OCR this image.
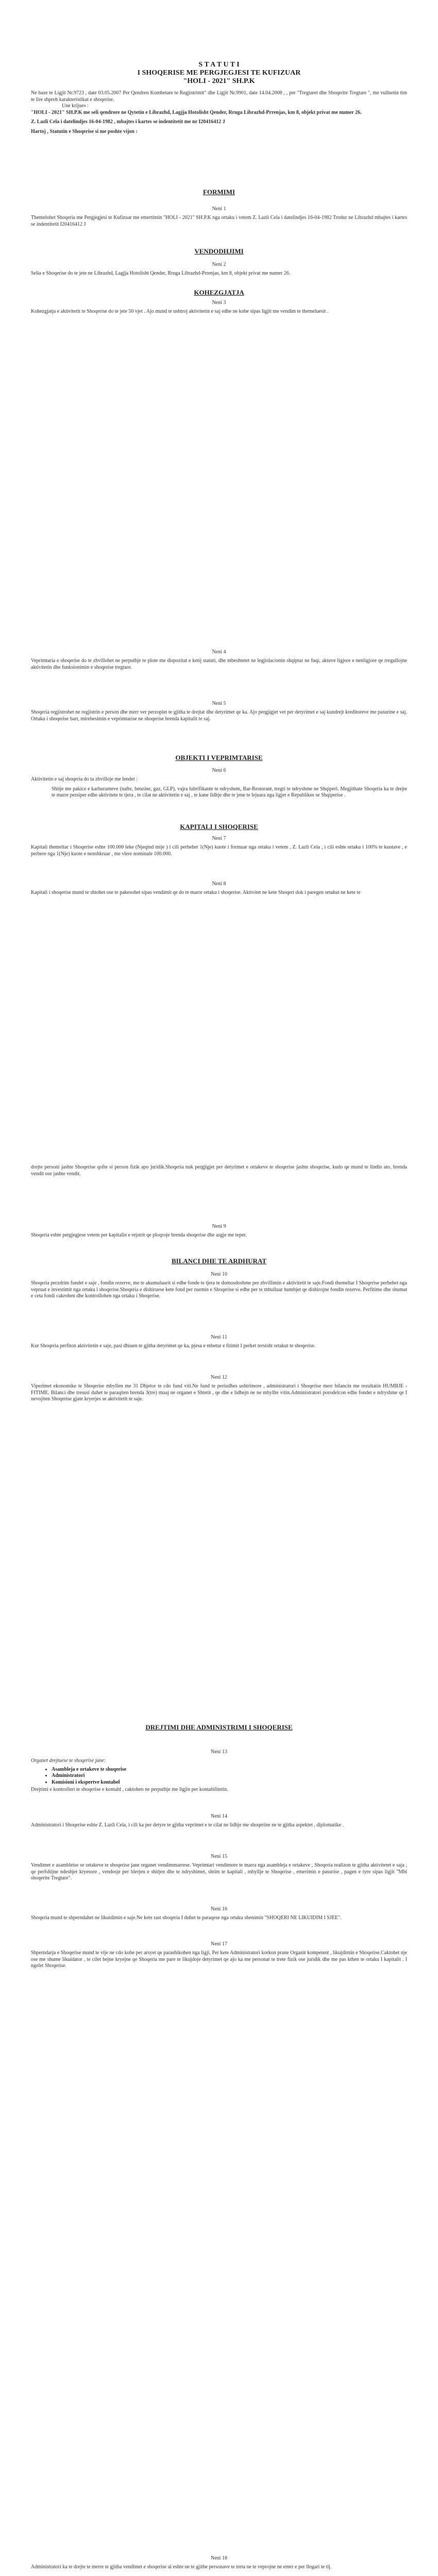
S T A T U T I
I SHOQERISE ME PERGJEGJESI TE KUFIZUAR
"HOLI - 2021" SH.P.K
Ne baze te Ligjit Nr.9723 , date 03.05.2007 Per Qendren Kombetare te Regjistrimit" dhe Ligjit Nr.9901, date 14.04.2008 , , per "Tregtaret dhe Shoqerite Tregtare ", me vullnetin tim te lire shpreh karakteristikat e shoqerise.
Une krijues :
"HOLI - 2021" SH.P.K me seli qendrore ne Qytetin e Librazhd, Lagjja Hotolisht Qender, Rruga Librazhd-Prrenjas, km 8, objekt privat me numer 26.
Z. Lazli Cela i datelindjes 16-04-1982 , mbajtes i kartes se indentitetit me nr I20416412 J
Hartoj , Statutin e Shoqerise si me poshte vijon :
FORMIMI
Neni 1
Themelohet Shoqeria me Pergjegjesi te Kufizuar me emertimin "HOLI - 2021" SH.P.K nga ortaku i vetem Z. Lazli Cela i datelindjes 16-04-1982 Trodur ne Librazhd mbajtes i kartes se indentitetit I20416412 J
VENDODHJIMI
Neni 2
Selia e Shoqerise do te jete ne Librazhd, Lagjja Hotolisht Qender, Rruga Librazhd-Prrenjas, km 8, objekt privat me numer 26.
KOHEZGJATJA
Neni 3
Kohezgjatja e aktivitetit te Shoqerise do te jete 50 vjet . Ajo mund te ushtroj aktivitetin e saj edhe ne kohe sipas ligjit me vendim te themeluesit .
Neni 4
Veprimtaria e shoqerise do te zhvillohet ne perputhje te plote me dispozitat e ketij statuti, dhe mbeshtetet ne legjislacionin shqiptar ne fuqi, aktuve ligjore e nenligjore qe rregullojne aktivitetin dhe funksionimin e shoqerise tregtare.
Neni 5
Shoqeria regjistrohet ne regjistrin e person dhe merr ver perzoplet te gjitha te drejtat dhe detyrimet qe ka. Ajo pergjigjet vet per detyrimet e saj kundrejt kreditoreve me pasurine e saj. Ortaku i shoqerise bart, mirebesimin e veprimtarise ne shoqerise brenda kapitalit te saj.
OBJEKTI I VEPRIMTARISE
Neni 6
Aktivitetin e saj shoqeria do ta zhvilloje me lendet :
Shitje me pakice e karburanteve (nafte, benzine, gaz, GLP), vajra lubrifikante te ndryshem, Bar-Restorant, tregti te ndryshme ne Shqiperi. Megjithate Shoqeria ka te drejte te marre persiper edhe aktivitete te tjera , te cilat ne aktivitetin e saj , te kane lidhje dhe te jene te lejuara nga ligjet e Republikes se Shqiperise .
KAPITALI I SHOQERISE
Neni 7
Kapitali themeltar i Shoqerise eshte 100.000 leke (Njeqind mije ) i cili perbehet 1(Nje) kuote i formuar nga ortaku i vetem , Z. Lazli Cela , i cili eshte ortaku i 100% te kuotave , e perbere nga 1(Nje) kuote e nenshkruar , me vlere nominale 100.000.
Neni 8
Kapitali i shoqerise mund te shtohet ose te pakesohet sipas vendimit qe do te marre ortaku i shoqerise. Aktivitet ne kete Shoqeri dok i paregen ortakut ne kete te
drejte personi jashte Shoqerise qofte si person fizik apo juridik.Shoqeria nuk pergjigjet per detyrimet e ortakeve te shoqerise jashte shoqerise, kudo qe mund te lindin ato, brenda vendit ose jashte vendit.
Neni 9
Shoqeria eshte pergjegjese vetem per kapitalin e rejstrit qe ploqroje brenda shoqerise dhe asgje me teper.
BILANCI DHE TE ARDHURAT
Neni 10
Shoqeria perzdrim fundet e saje , fondin rezerve, me te akumuluarit si edhe fonde te tjera te domosdoshme per zhvillimin e aktivitetit te saje.Fondi themeltar I Shoqerise perbehet nga vepruat e investimit nga ortaku i shoqerise.Shoqeria e dishiruese kete fond per ruemin e Shoqerise si edhe per te mbulluar humbjet qe dishirojne fondin rezerve. Perfitime dhe shumat e ceta fondi cakrohen dhe kontrollohen nga ortaku i Shoqerise.
Neni 11
Kur Shoqeria perfiton aktivitetin e saje, pasi dhiuen te gjitha detyrimet qe ka, pjesa e mbetur e fitimit I perket tersisht ortakut te shoqerise.
Neni 12
Viperimet ekonomike te Shoqerise mbyllen me 31 Dhjetor te cdo fund viti.Ne fund te periudhes ushtrimore , administratori i Shoqerise merr bilancin me rezultatin HUMBJE -FITIME. Bilanci dhe tresusi duhet te paraqiten brenda 3(tre) muaj ne organet e Shtetit , qe dhe e lidhejn ne ne mbyllte vitin.Administratori porodelcon edhe fondet e ndryshme qe I nevojiten Shoqerise gjate kryerjes se aktivitetit te saje.
DREJTIMI DHE ADMINISTRIMI I SHOQERISE
Neni 13
Organet drejtuese te shoqerise jane:
• Asambleja e ortakeve te shoqerise
• Administratori
• Komisioni i ekspertve kontabel
Drejtimi e kontrolleri te shoqerise e kontabl , caktohen ne perputhje me ligjin per kontabilitetin.
Neni 14
Administratori i Shoqerise eshte Z. Lazli Cela, i cili ka per detyre te gjitha veprimet e te cilat ne lidhje me shoqerine ne te gjitha aspektet , diplomatike .
Neni 15
Vendimet e asambleise se ortakeve te shoqerise jane organet vendimmarrese. Veprimtari vendimore te marra nga asambleja e ortakeve , Shoqeria realizon te gjitha aktivitetet e saja , qe perfshijne ndeshjet kryesore , vendosje per blerjen e shitjen dhe te ndryshimet, shtim te kapitali , mbyllje te Shoqerise , emerimin e pasurise , pagen e tyre sipas ligjit "Mbi shoqerite Tregtare".
Neni 16
Shoqeria mund te shperndahet ne likuidimin e saje.Ne kete rast shoqeria I duhet te paraqese nga ortaku shenimin "SHOQERI NE LIKUIDIM I SJEE".
Neni 17
Shperndarja e Shoqerise mund te vije ne cdo kohe per arsyet qe parashikohen nga ligji. Per kete Administratori korkon prane Organit kompetent , likujdimin e Shoqerise.Caktohet nje ose me shume likuidator , te cilet bejne kryejne qe Shoqeria me pare te likujdoje detyrimet qe ajo ka me personat te trete fizik ose juridik dhe me pas kthen te ortaku I kapitalit . I ngelet Shoqerise.
Neni 18
Administratori ka te drejte te merre te gjitha vendimet e shoqerise ai eshte ne te gjithe personave te treta ne te veprojne ne emer e per llogari te tij.
